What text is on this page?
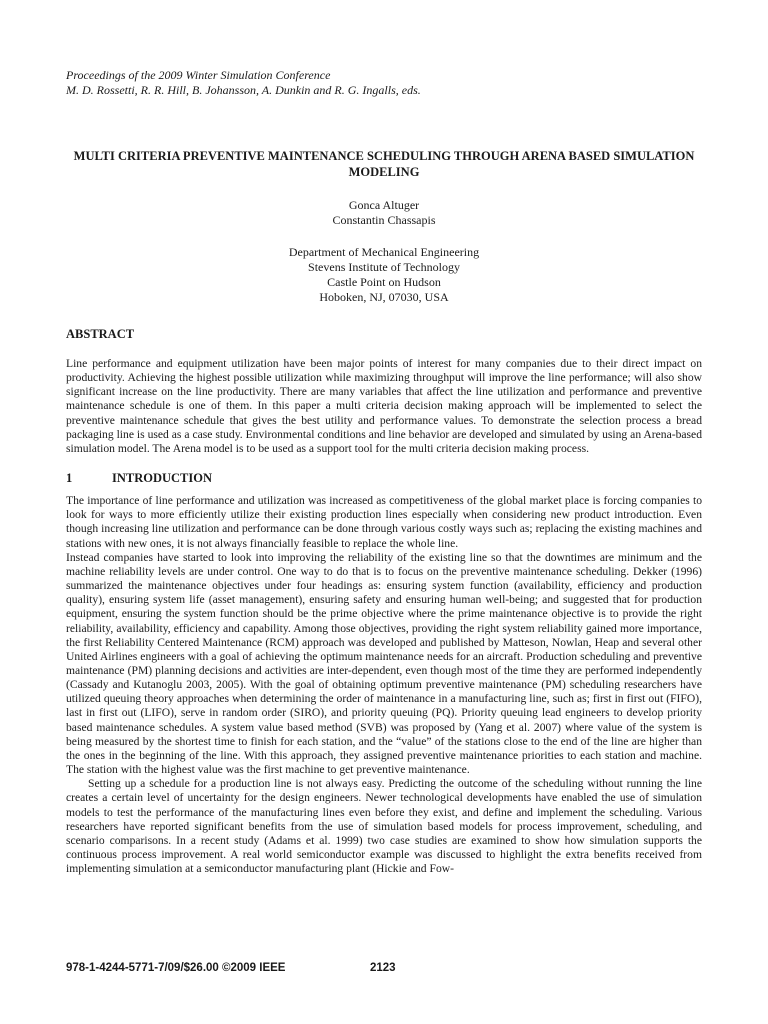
Proceedings of the 2009 Winter Simulation Conference
M. D. Rossetti, R. R. Hill, B. Johansson, A. Dunkin and R. G. Ingalls, eds.
MULTI CRITERIA PREVENTIVE MAINTENANCE SCHEDULING THROUGH ARENA BASED SIMULATION MODELING
Gonca Altuger
Constantin Chassapis
Department of Mechanical Engineering
Stevens Institute of Technology
Castle Point on Hudson
Hoboken, NJ, 07030, USA
ABSTRACT
Line performance and equipment utilization have been major points of interest for many companies due to their direct impact on productivity. Achieving the highest possible utilization while maximizing throughput will improve the line performance; will also show significant increase on the line productivity. There are many variables that affect the line utilization and performance and preventive maintenance schedule is one of them. In this paper a multi criteria decision making approach will be implemented to select the preventive maintenance schedule that gives the best utility and performance values. To demonstrate the selection process a bread packaging line is used as a case study. Environmental conditions and line behavior are developed and simulated by using an Arena-based simulation model. The Arena model is to be used as a support tool for the multi criteria decision making process.
1	INTRODUCTION

The importance of line performance and utilization was increased as competitiveness of the global market place is forcing companies to look for ways to more efficiently utilize their existing production lines especially when considering new product introduction. Even though increasing line utilization and performance can be done through various costly ways such as; replacing the existing machines and stations with new ones, it is not always financially feasible to replace the whole line.

Instead companies have started to look into improving the reliability of the existing line so that the downtimes are minimum and the machine reliability levels are under control. One way to do that is to focus on the preventive maintenance scheduling. Dekker (1996) summarized the maintenance objectives under four headings as: ensuring system function (availability, efficiency and production quality), ensuring system life (asset management), ensuring safety and ensuring human well-being; and suggested that for production equipment, ensuring the system function should be the prime objective where the prime maintenance objective is to provide the right reliability, availability, efficiency and capability. Among those objectives, providing the right system reliability gained more importance, the first Reliability Centered Maintenance (RCM) approach was developed and published by Matteson, Nowlan, Heap and several other United Airlines engineers with a goal of achieving the optimum maintenance needs for an aircraft. Production scheduling and preventive maintenance (PM) planning decisions and activities are inter-dependent, even though most of the time they are performed independently (Cassady and Kutanoglu 2003, 2005). With the goal of obtaining optimum preventive maintenance (PM) scheduling researchers have utilized queuing theory approaches when determining the order of maintenance in a manufacturing line, such as; first in first out (FIFO), last in first out (LIFO), serve in random order (SIRO), and priority queuing (PQ). Priority queuing lead engineers to develop priority based maintenance schedules. A system value based method (SVB) was proposed by (Yang et al. 2007) where value of the system is being measured by the shortest time to finish for each station, and the “value” of the stations close to the end of the line are higher than the ones in the beginning of the line. With this approach, they assigned preventive maintenance priorities to each station and machine. The station with the highest value was the first machine to get preventive maintenance.

Setting up a schedule for a production line is not always easy. Predicting the outcome of the scheduling without running the line creates a certain level of uncertainty for the design engineers. Newer technological developments have enabled the use of simulation models to test the performance of the manufacturing lines even before they exist, and define and implement the scheduling. Various researchers have reported significant benefits from the use of simulation based models for process improvement, scheduling, and scenario comparisons. In a recent study (Adams et al. 1999) two case studies are examined to show how simulation supports the continuous process improvement. A real world semiconductor example was discussed to highlight the extra benefits received from implementing simulation at a semiconductor manufacturing plant (Hickie and Fow-

978-1-4244-5771-7/09/$26.00 ©2009 IEEE	2123
